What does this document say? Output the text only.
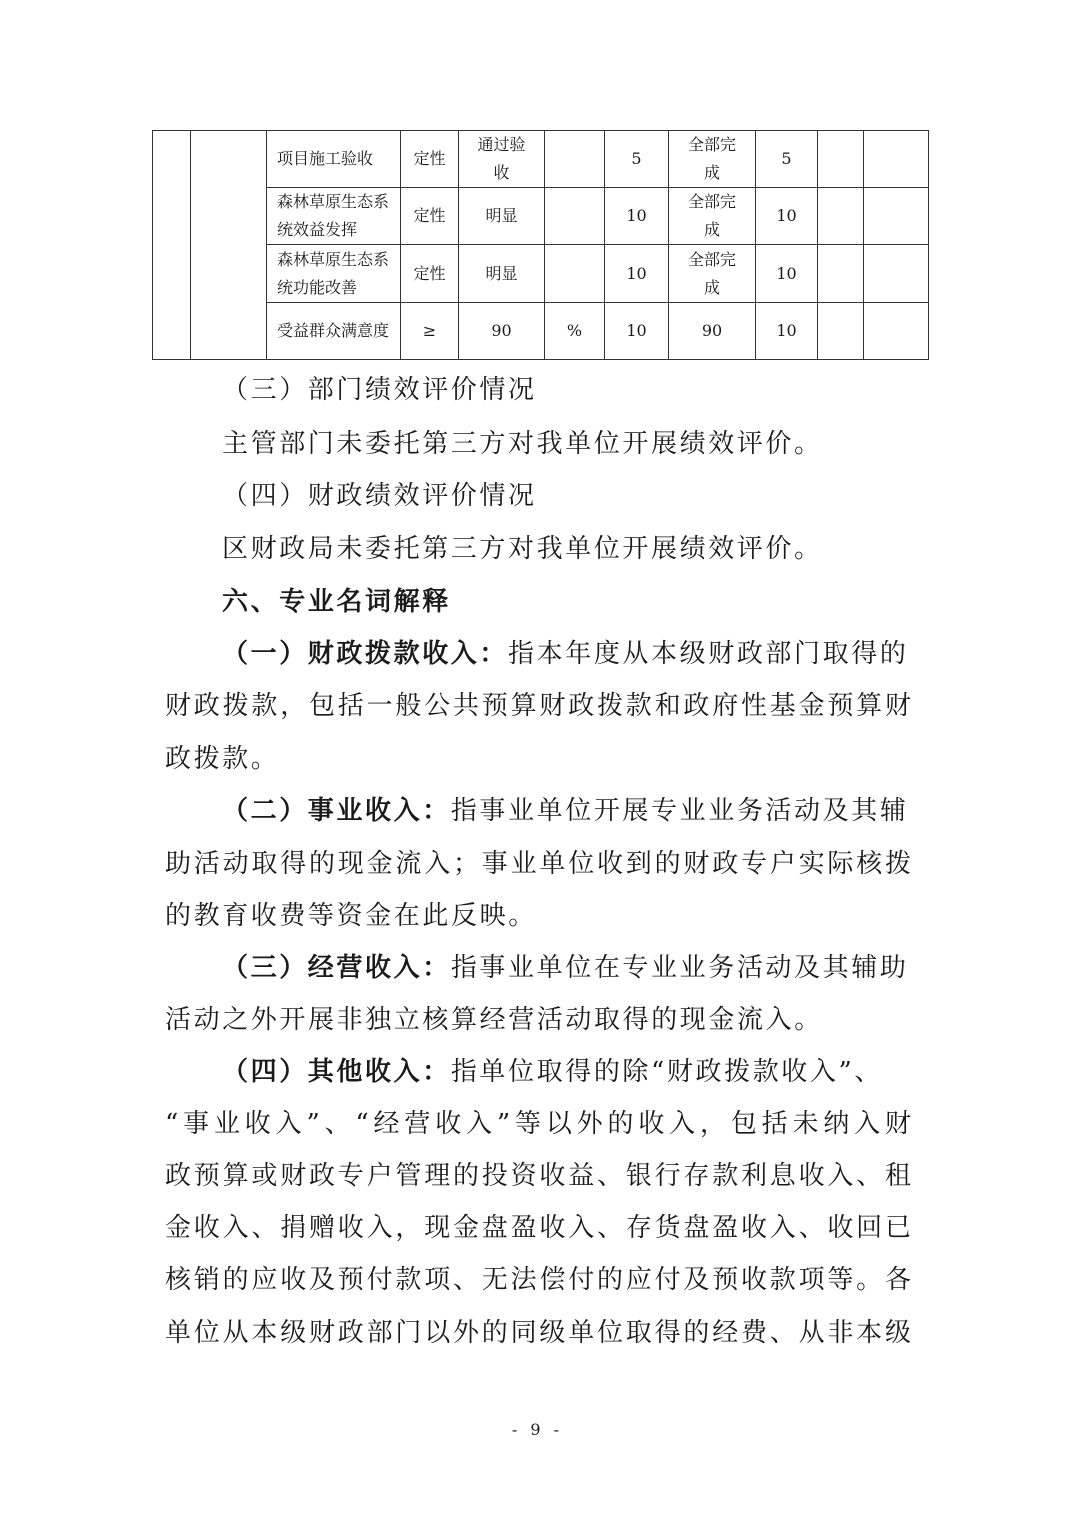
		项目施工验收	定性	通过验收		5	全部完成	5		
		森林草原生态系统效益发挥	定性	明显		10	全部完成	10		
		森林草原生态系统功能改善	定性	明显		10	全部完成	10		
		受益群众满意度	≥	90	%	10	90	10		
（三）部门绩效评价情况
主管部门未委托第三方对我单位开展绩效评价。
（四）财政绩效评价情况
区财政局未委托第三方对我单位开展绩效评价。
六、专业名词解释
（一）财政拨款收入：指本年度从本级财政部门取得的
财政拨款，包括一般公共预算财政拨款和政府性基金预算财
政拨款。
（二）事业收入：指事业单位开展专业业务活动及其辅
助活动取得的现金流入；事业单位收到的财政专户实际核拨
的教育收费等资金在此反映。
（三）经营收入：指事业单位在专业业务活动及其辅助
活动之外开展非独立核算经营活动取得的现金流入。
（四）其他收入：指单位取得的除“财政拨款收入”、
“事业收入”、“经营收入”等以外的收入，包括未纳入财
政预算或财政专户管理的投资收益、银行存款利息收入、租
金收入、捐赠收入，现金盘盈收入、存货盘盈收入、收回已
核销的应收及预付款项、无法偿付的应付及预收款项等。各
单位从本级财政部门以外的同级单位取得的经费、从非本级
- 9 -
